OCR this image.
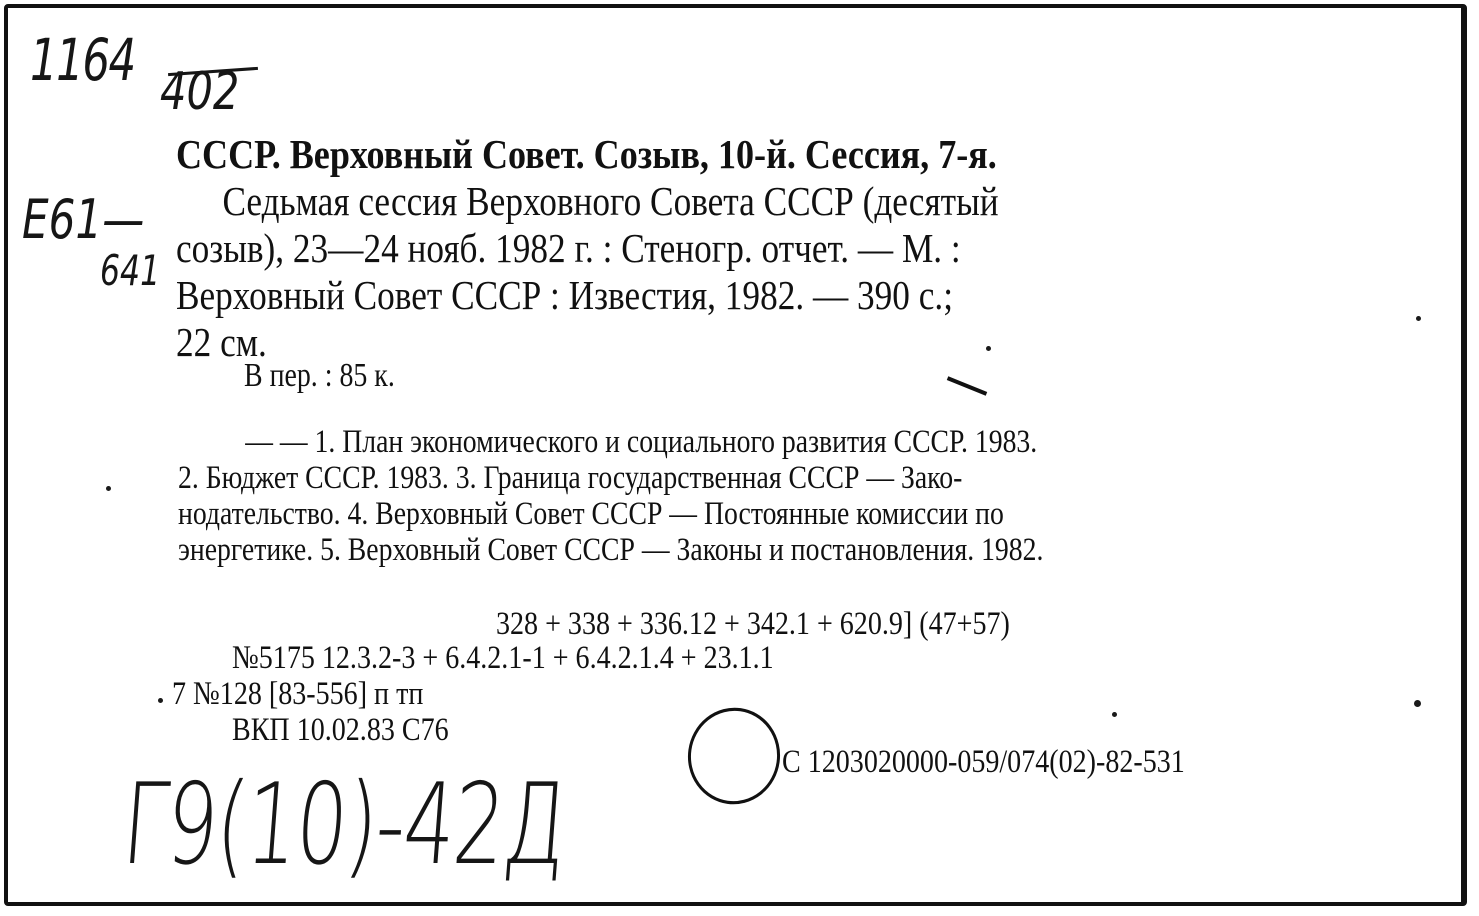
1164 402
E61—
641
Г9(10)-42Д
СССР. Верховный Совет. Созыв, 10-й. Сессия, 7-я.
Седьмая сессия Верховного Совета СССР (десятый
созыв), 23—24 нояб. 1982 г. : Стеногр. отчет. — М. :
Верховный Совет СССР : Известия, 1982. — 390 с.;
22 см.
В пер. : 85 к.
— — 1. План экономического и социального развития СССР. 1983.
2. Бюджет СССР. 1983. 3. Граница государственная СССР — Зако-
нодательство. 4. Верховный Совет СССР — Постоянные комиссии по
энергетике. 5. Верховный Совет СССР — Законы и постановления. 1982.
328 + 338 + 336.12 + 342.1 + 620.9] (47+57)
№5175 12.3.2-3 + 6.4.2.1-1 + 6.4.2.1.4 + 23.1.1
7 №128 [83-556] п тп
ВКП 10.02.83 С76
С 1203020000-059/074(02)-82-531
